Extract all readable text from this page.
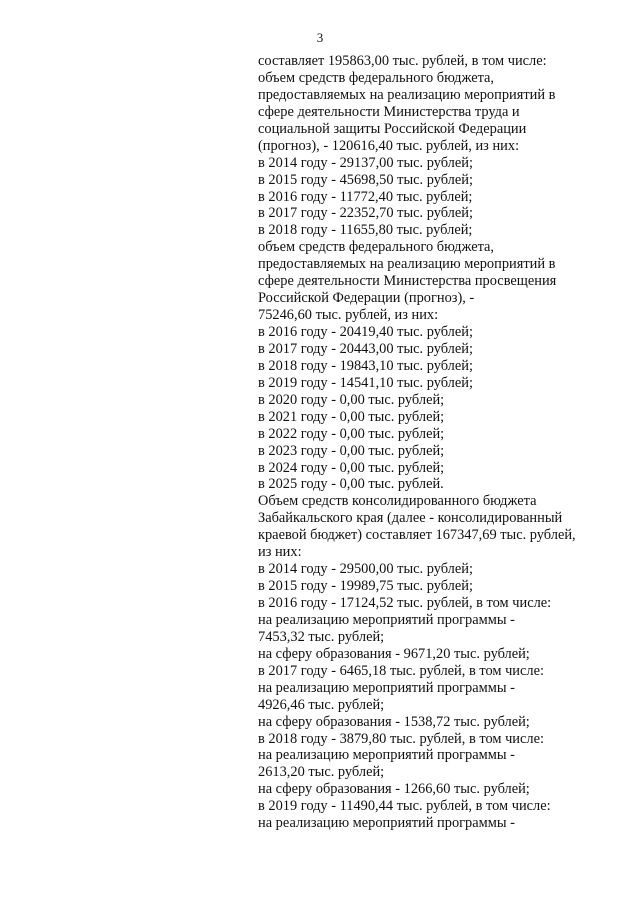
3
составляет 195863,00 тыс. рублей, в том числе:
объем средств федерального бюджета,
предоставляемых на реализацию мероприятий в
сфере деятельности Министерства труда и
социальной защиты Российской Федерации
(прогноз), - 120616,40 тыс. рублей, из них:
в 2014 году - 29137,00 тыс. рублей;
в 2015 году - 45698,50 тыс. рублей;
в 2016 году - 11772,40 тыс. рублей;
в 2017 году - 22352,70 тыс. рублей;
в 2018 году - 11655,80 тыс. рублей;
объем средств федерального бюджета,
предоставляемых на реализацию мероприятий в
сфере деятельности Министерства просвещения
Российской Федерации (прогноз), -
75246,60 тыс. рублей, из них:
в 2016 году - 20419,40 тыс. рублей;
в 2017 году - 20443,00 тыс. рублей;
в 2018 году - 19843,10 тыс. рублей;
в 2019 году - 14541,10 тыс. рублей;
в 2020 году - 0,00 тыс. рублей;
в 2021 году - 0,00 тыс. рублей;
в 2022 году - 0,00 тыс. рублей;
в 2023 году - 0,00 тыс. рублей;
в 2024 году - 0,00 тыс. рублей;
в 2025 году - 0,00 тыс. рублей.
Объем средств консолидированного бюджета
Забайкальского края (далее - консолидированный
краевой бюджет) составляет 167347,69 тыс. рублей,
из них:
в 2014 году - 29500,00 тыс. рублей;
в 2015 году - 19989,75 тыс. рублей;
в 2016 году - 17124,52 тыс. рублей, в том числе:
на реализацию мероприятий программы -
7453,32 тыс. рублей;
на сферу образования - 9671,20 тыс. рублей;
в 2017 году - 6465,18 тыс. рублей, в том числе:
на реализацию мероприятий программы -
4926,46 тыс. рублей;
на сферу образования - 1538,72 тыс. рублей;
в 2018 году - 3879,80 тыс. рублей, в том числе:
на реализацию мероприятий программы -
2613,20 тыс. рублей;
на сферу образования - 1266,60 тыс. рублей;
в 2019 году - 11490,44 тыс. рублей, в том числе:
на реализацию мероприятий программы -
